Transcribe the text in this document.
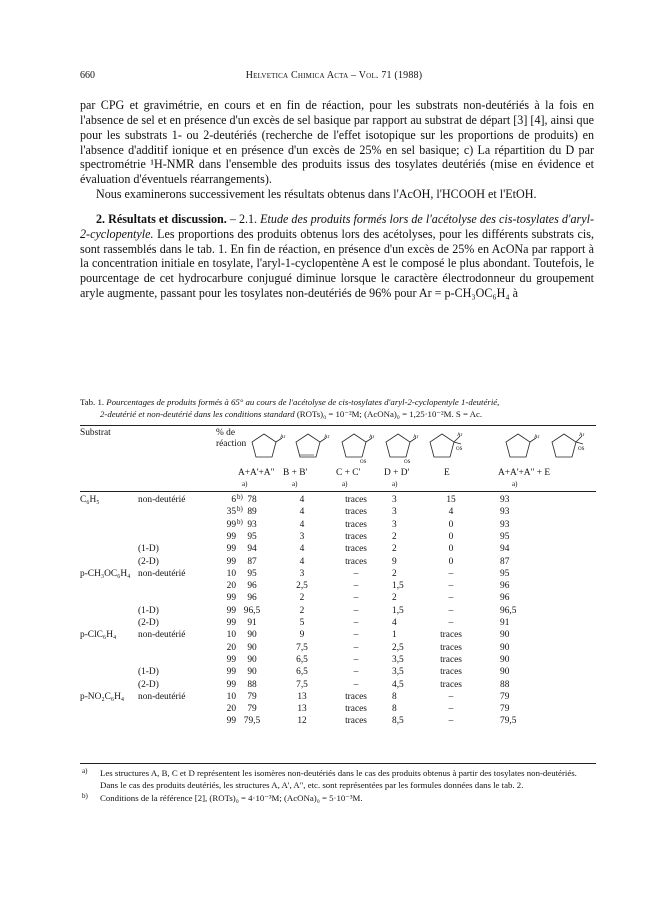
660	Helvetica Chimica Acta – Vol. 71 (1988)

par CPG et gravimétrie, en cours et en fin de réaction, pour les substrats non-deutériés à la fois en l'absence de sel et en présence d'un excès de sel basique par rapport au substrat de départ [3] [4], ainsi que pour les substrats 1- ou 2-deutériés (recherche de l'effet isotopique sur les proportions de produits) en l'absence d'additif ionique et en présence d'un excès de 25% en sel basique; c) La répartition du D par spectrométrie ¹H-NMR dans l'ensemble des produits issus des tosylates deutériés (mise en évidence et évaluation d'éventuels réarrangements).

Nous examinerons successivement les résultats obtenus dans l'AcOH, l'HCOOH et l'EtOH.

2. Résultats et discussion. – 2.1. Etude des produits formés lors de l'acétolyse des cis-tosylates d'aryl-2-cyclopentyle. Les proportions des produits obtenus lors des acétolyses, pour les différents substrats cis, sont rassemblés dans le tab. 1. En fin de réaction, en présence d'un excès de 25% en AcONa par rapport à la concentration initiale en tosylate, l'aryl-1-cyclopentène A est le composé le plus abondant. Toutefois, le pourcentage de cet hydrocarbure conjugué diminue lorsque le caractère électrodonneur du groupement aryle augmente, passant pour les tosylates non-deutériés de 96% pour Ar = p-CH₃OC₆H₄ à

Tab. 1. Pourcentages de produits formés à 65° au cours de l'acétolyse de cis-tosylates d'aryl-2-cyclopentyle 1-deutérié,
2-deutérié et non-deutérié dans les conditions standard (ROTs)₀ = 10⁻²M; (AcONa)₀ = 1,25·10⁻²M. S = Ac.
Substrat	% de
réaction
Ar	Ar	Ar
OS
Ar
OS
Ar
OS
Ar	Ar
OS
A+A'+A" B + B'	C + C'	D + D'	E	A+A'+A" + E
a)	a)	a)	a)	a)
C₆H₅	non-deutérié	6 b) 78	4	traces	3	15	93
35 b) 89	4	traces	3	4	93
99 b) 93	4	traces	3	0	93
99	95	3	traces	2	0	95
(1-D)	99	94	4	traces	2	0	94
(2-D)	99	87	4	traces	9	0	87
p-CH₃OC₆H₄ non-deutérié	10	95	3	–	2	–	95
20	96	2,5	–	1,5	–	96
99	96	2	–	2	–	96
(1-D)	99 96,5	2	–	1,5	–	96,5
(2-D)	99	91	5	–	4	–	91
p-ClC₆H₄ non-deutérié	10	90	9	–	1	traces	90
20	90	7,5	–	2,5	traces	90
99	90	6,5	–	3,5	traces	90
(1-D)	99	90	6,5	–	3,5	traces	90
(2-D)	99	88	7,5	–	4,5	traces	88
p-NO₂C₆H₄ non-deutérié	10	79	13	traces	8	–	79
20	79	13	traces	8	–	79
99 79,5	12	traces	8,5	–	79,5
a) Les structures A, B, C et D représentent les isomères non-deutériés dans le cas des produits obtenus à partir des tosylates non-deutériés. Dans le cas des produits deutériés, les structures A, A', A", etc. sont représentées par les formules données dans le tab. 2.
b) Conditions de la référence [2], (ROTs)₀ = 4·10⁻³M; (AcONa)₀ = 5·10⁻³M.
